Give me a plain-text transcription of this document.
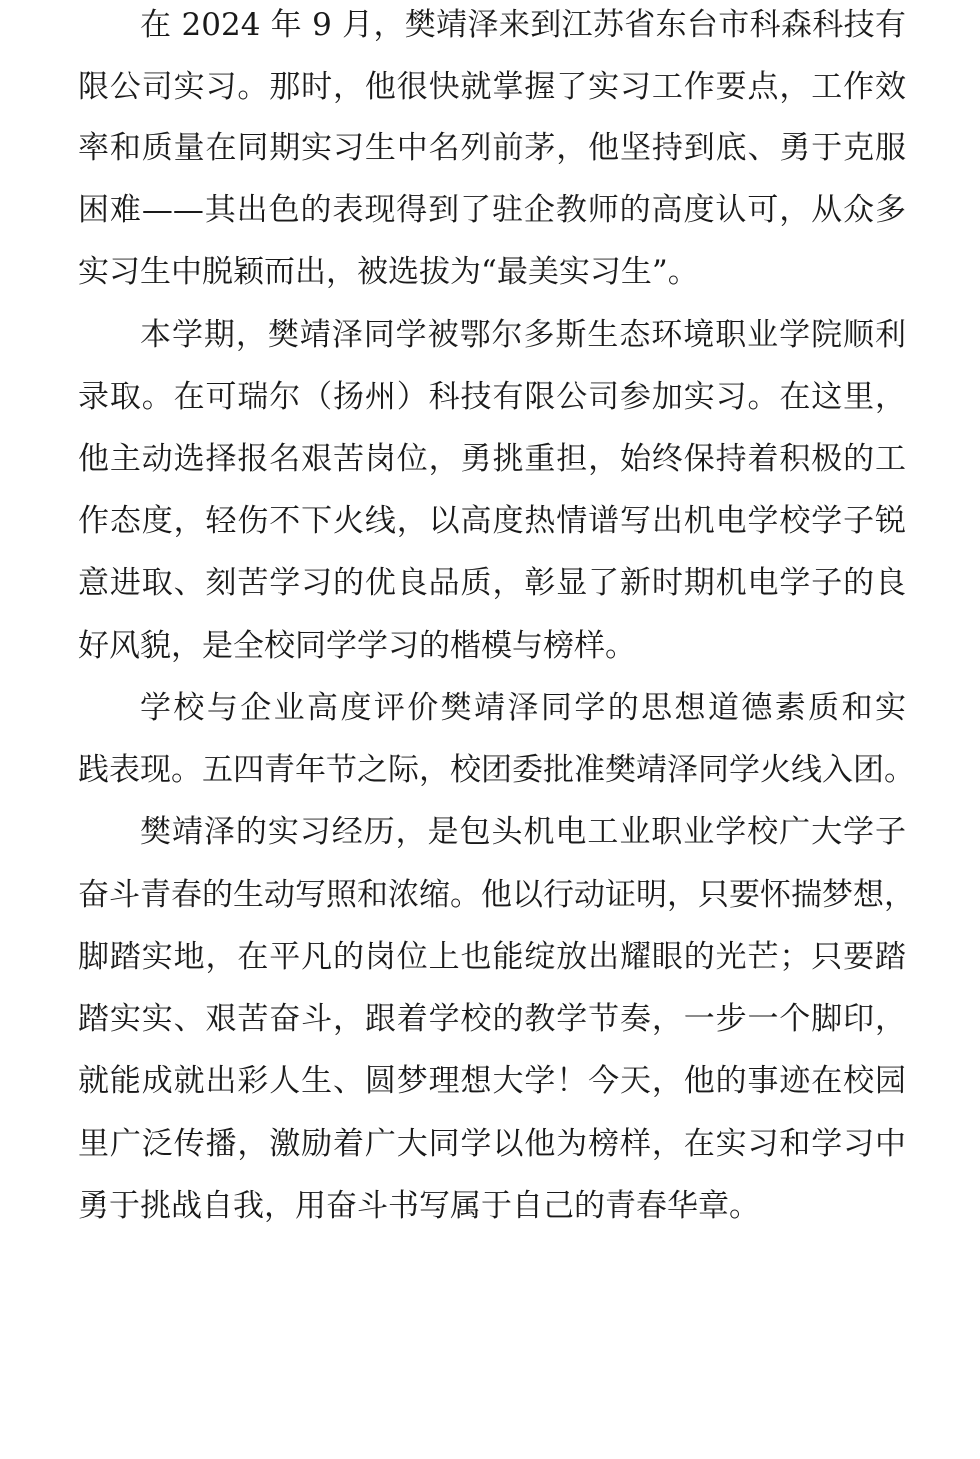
在 2024 年 9 月，樊靖泽来到江苏省东台市科森科技有
限公司实习。那时，他很快就掌握了实习工作要点，工作效
率和质量在同期实习生中名列前茅，他坚持到底、勇于克服
困难——其出色的表现得到了驻企教师的高度认可，从众多
实习生中脱颖而出，被选拔为“最美实习生”。
本学期，樊靖泽同学被鄂尔多斯生态环境职业学院顺利
录取。在可瑞尔（扬州）科技有限公司参加实习。在这里，
他主动选择报名艰苦岗位，勇挑重担，始终保持着积极的工
作态度，轻伤不下火线，以高度热情谱写出机电学校学子锐
意进取、刻苦学习的优良品质，彰显了新时期机电学子的良
好风貌，是全校同学学习的楷模与榜样。
学校与企业高度评价樊靖泽同学的思想道德素质和实
践表现。五四青年节之际，校团委批准樊靖泽同学火线入团。
樊靖泽的实习经历，是包头机电工业职业学校广大学子
奋斗青春的生动写照和浓缩。他以行动证明，只要怀揣梦想，
脚踏实地，在平凡的岗位上也能绽放出耀眼的光芒；只要踏
踏实实、艰苦奋斗，跟着学校的教学节奏，一步一个脚印，
就能成就出彩人生、圆梦理想大学！今天，他的事迹在校园
里广泛传播，激励着广大同学以他为榜样，在实习和学习中
勇于挑战自我，用奋斗书写属于自己的青春华章。
